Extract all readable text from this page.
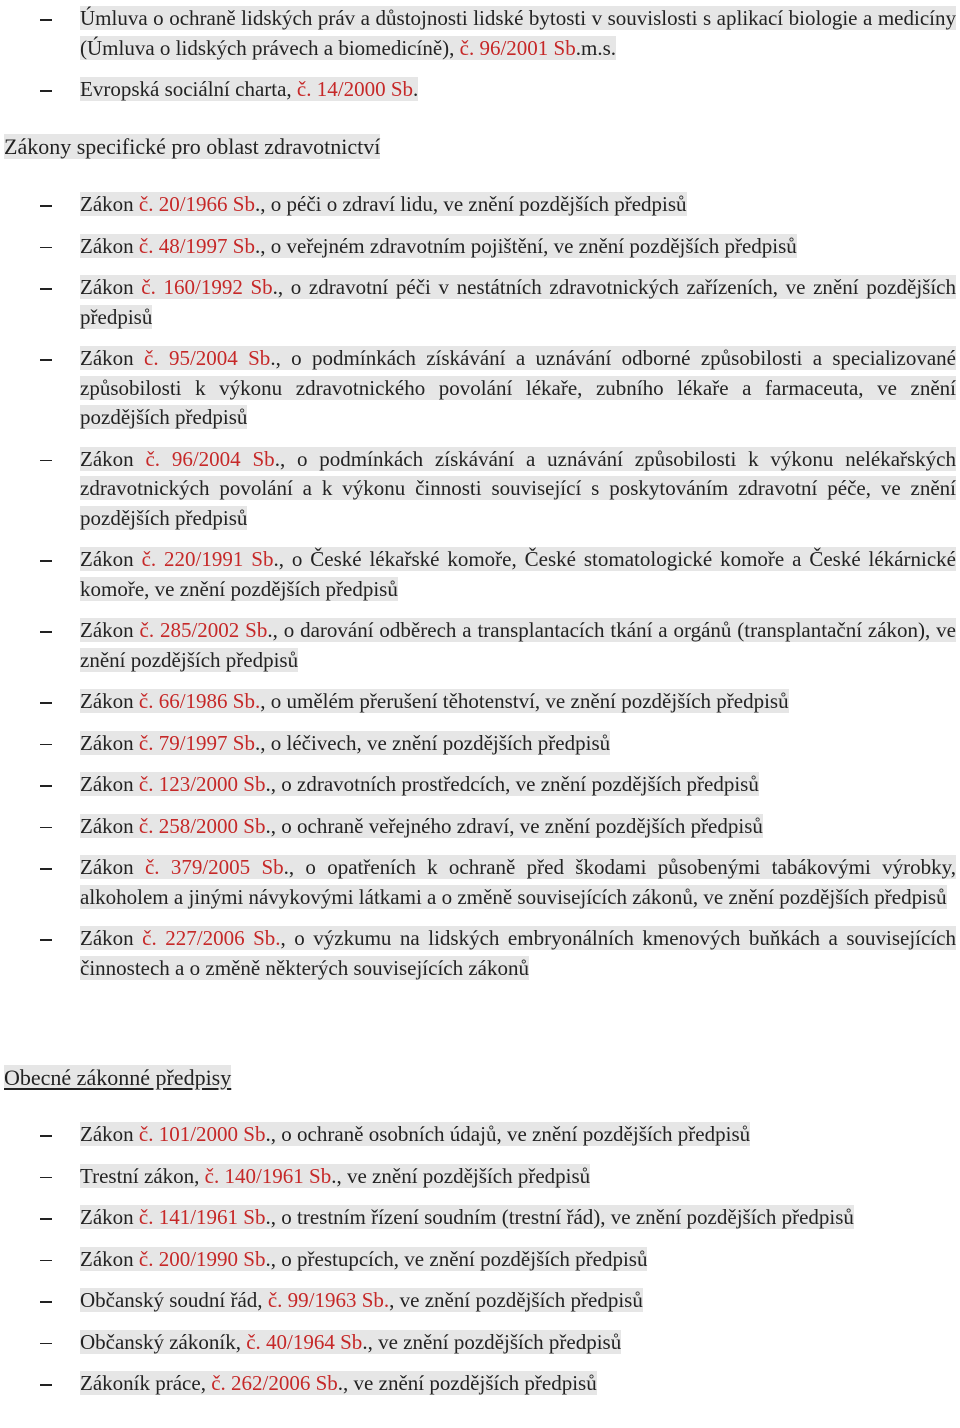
Úmluva o ochraně lidských práv a důstojnosti lidské bytosti v souvislosti s aplikací biologie a medicíny (Úmluva o lidských právech a biomedicíně), č. 96/2001 Sb.m.s.
Evropská sociální charta, č. 14/2000 Sb.
Zákony specifické pro oblast zdravotnictví
Zákon č. 20/1966 Sb., o péči o zdraví lidu, ve znění pozdějších předpisů
Zákon č. 48/1997 Sb., o veřejném zdravotním pojištění, ve znění pozdějších předpisů
Zákon č. 160/1992 Sb., o zdravotní péči v nestátních zdravotnických zařízeních, ve znění pozdějších předpisů
Zákon č. 95/2004 Sb., o podmínkách získávání a uznávání odborné způsobilosti a specializované způsobilosti k výkonu zdravotnického povolání lékaře, zubního lékaře a farmaceuta, ve znění pozdějších předpisů
Zákon č. 96/2004 Sb., o podmínkách získávání a uznávání způsobilosti k výkonu nelékařských zdravotnických povolání a k výkonu činnosti související s poskytováním zdravotní péče, ve znění pozdějších předpisů
Zákon č. 220/1991 Sb., o České lékařské komoře, České stomatologické komoře a České lékárnické komoře, ve znění pozdějších předpisů
Zákon č. 285/2002 Sb., o darování odběrech a transplantacích tkání a orgánů (transplantační zákon), ve znění pozdějších předpisů
Zákon č. 66/1986 Sb., o umělém přerušení těhotenství, ve znění pozdějších předpisů
Zákon č. 79/1997 Sb., o léčivech, ve znění pozdějších předpisů
Zákon č. 123/2000 Sb., o zdravotních prostředcích, ve znění pozdějších předpisů
Zákon č. 258/2000 Sb., o ochraně veřejného zdraví, ve znění pozdějších předpisů
Zákon č. 379/2005 Sb., o opatřeních k ochraně před škodami působenými tabákovými výrobky, alkoholem a jinými návykovými látkami a o změně souvisejících zákonů, ve znění pozdějších předpisů
Zákon č. 227/2006 Sb., o výzkumu na lidských embryonálních kmenových buňkách a souvisejících činnostech a o změně některých souvisejících zákonů
Obecné zákonné předpisy
Zákon č. 101/2000 Sb., o ochraně osobních údajů, ve znění pozdějších předpisů
Trestní zákon, č. 140/1961 Sb., ve znění pozdějších předpisů
Zákon č. 141/1961 Sb., o trestním řízení soudním (trestní řád), ve znění pozdějších předpisů
Zákon č. 200/1990 Sb., o přestupcích, ve znění pozdějších předpisů
Občanský soudní řád, č. 99/1963 Sb., ve znění pozdějších předpisů
Občanský zákoník, č. 40/1964 Sb., ve znění pozdějších předpisů
Zákoník práce, č. 262/2006 Sb., ve znění pozdějších předpisů
